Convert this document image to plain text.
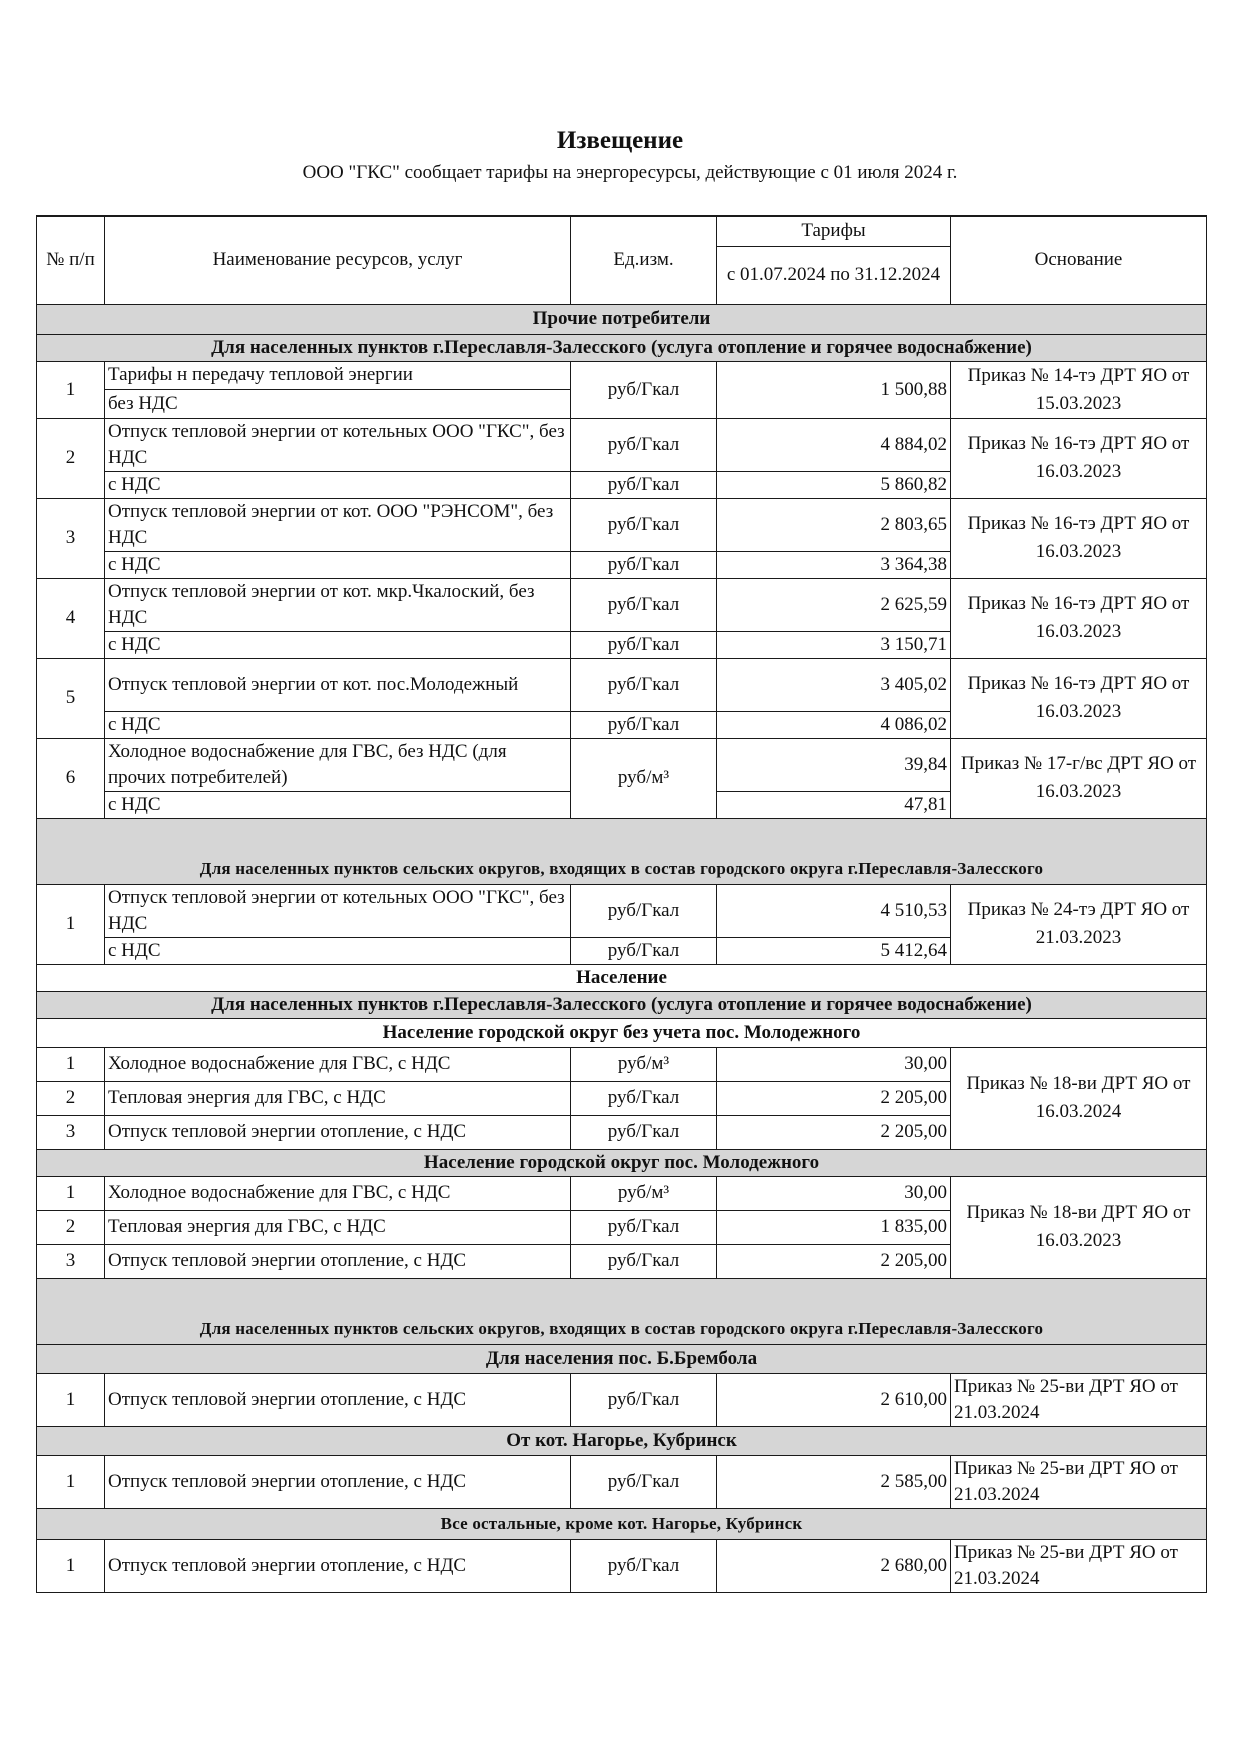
Извещение
ООО "ГКС" сообщает тарифы на энергоресурсы, действующие с 01 июля 2024 г.
№ п/п	Наименование ресурсов, услуг	Ед.изм.	Тарифы	Основание
			с 01.07.2024 по 31.12.2024	
Прочие потребители				
Для населенных пунктов г.Переславля-Залесского (услуга отопление и горячее водоснабжение)				
1	Тарифы н передачу тепловой энергии	руб/Гкал	1 500,88	Приказ № 14-тэ ДРТ ЯО от 15.03.2023
	без НДС			
2	Отпуск тепловой энергии от котельных ООО "ГКС", без НДС	руб/Гкал	4 884,02	Приказ № 16-тэ ДРТ ЯО от 16.03.2023
	с НДС	руб/Гкал	5 860,82	
3	Отпуск тепловой энергии от кот. ООО "РЭНСОМ", без НДС	руб/Гкал	2 803,65	Приказ № 16-тэ ДРТ ЯО от 16.03.2023
	с НДС	руб/Гкал	3 364,38	
4	Отпуск тепловой энергии от кот. мкр.Чкалоский, без НДС	руб/Гкал	2 625,59	Приказ № 16-тэ ДРТ ЯО от 16.03.2023
	с НДС	руб/Гкал	3 150,71	
5	Отпуск тепловой энергии от кот. пос.Молодежный	руб/Гкал	3 405,02	Приказ № 16-тэ ДРТ ЯО от 16.03.2023
	с НДС	руб/Гкал	4 086,02	
6	Холодное водоснабжение для ГВС, без НДС (для прочих потребителей)	руб/м³	39,84	Приказ № 17-г/вс ДРТ ЯО от 16.03.2023
	с НДС		47,81	
Для населенных пунктов сельских округов, входящих в состав городского округа г.Переславля-Залесского				
1	Отпуск тепловой энергии от котельных ООО "ГКС", без НДС	руб/Гкал	4 510,53	Приказ № 24-тэ ДРТ ЯО от 21.03.2023
	с НДС	руб/Гкал	5 412,64	
Население				
Для населенных пунктов г.Переславля-Залесского (услуга отопление и горячее водоснабжение)				
Население городской округ без учета пос. Молодежного				
1	Холодное водоснабжение для ГВС, с НДС	руб/м³	30,00	Приказ № 18-ви ДРТ ЯО от 16.03.2024
2	Тепловая энергия для ГВС, с НДС	руб/Гкал	2 205,00	
3	Отпуск тепловой энергии отопление, с НДС	руб/Гкал	2 205,00	
Население городской округ пос. Молодежного				
1	Холодное водоснабжение для ГВС, с НДС	руб/м³	30,00	Приказ № 18-ви ДРТ ЯО от 16.03.2023
2	Тепловая энергия для ГВС, с НДС	руб/Гкал	1 835,00	
3	Отпуск тепловой энергии отопление, с НДС	руб/Гкал	2 205,00	
Для населенных пунктов сельских округов, входящих в состав городского округа г.Переславля-Залесского				
Для населения пос. Б.Брембола				
1	Отпуск тепловой энергии отопление, с НДС	руб/Гкал	2 610,00	Приказ № 25-ви ДРТ ЯО от 21.03.2024
От кот. Нагорье, Кубринск				
1	Отпуск тепловой энергии отопление, с НДС	руб/Гкал	2 585,00	Приказ № 25-ви ДРТ ЯО от 21.03.2024
Все остальные, кроме кот. Нагорье, Кубринск				
1	Отпуск тепловой энергии отопление, с НДС	руб/Гкал	2 680,00	Приказ № 25-ви ДРТ ЯО от 21.03.2024
